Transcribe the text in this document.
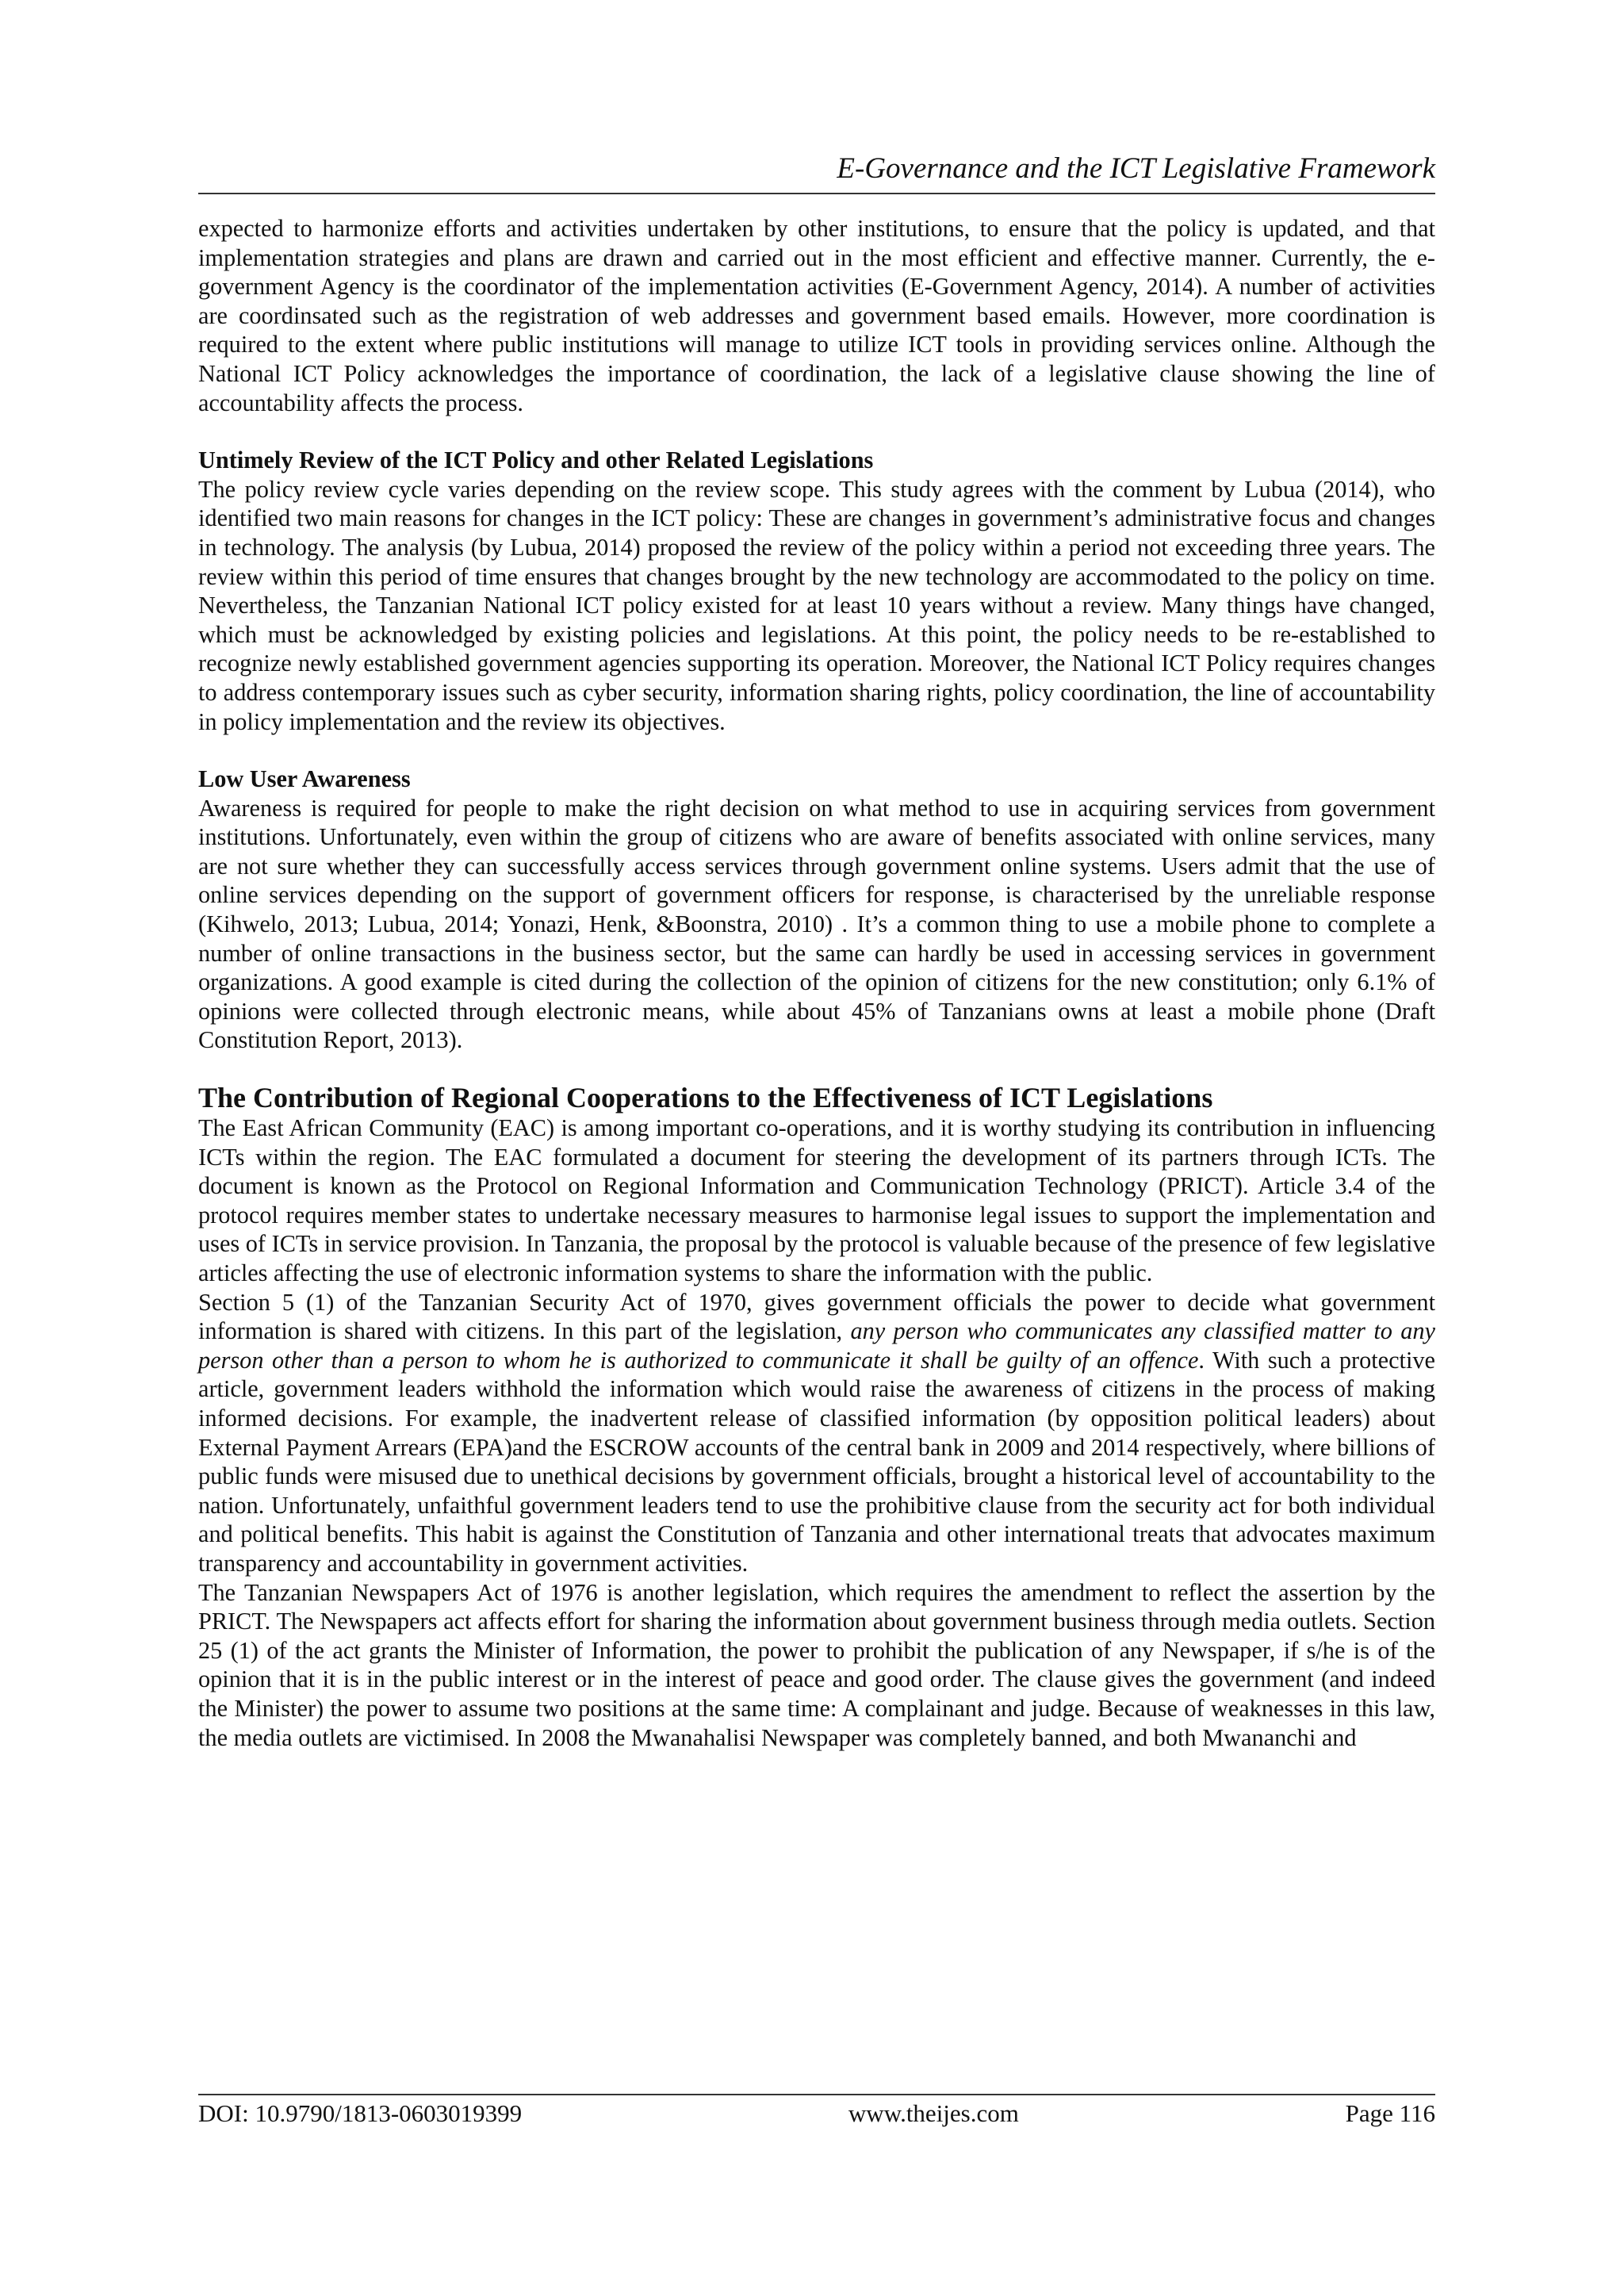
E-Governance and the ICT Legislative Framework

expected to harmonize efforts and activities undertaken by other institutions, to ensure that the policy is updated, and that implementation strategies and plans are drawn and carried out in the most efficient and effective manner. Currently, the e-government Agency is the coordinator of the implementation activities (E-Government Agency, 2014). A number of activities are coordinsated such as the registration of web addresses and government based emails. However, more coordination is required to the extent where public institutions will manage to utilize ICT tools in providing services online. Although the National ICT Policy acknowledges the importance of coordination, the lack of a legislative clause showing the line of accountability affects the process.

Untimely Review of the ICT Policy and other Related Legislations

The policy review cycle varies depending on the review scope. This study agrees with the comment by Lubua (2014), who identified two main reasons for changes in the ICT policy: These are changes in government’s administrative focus and changes in technology. The analysis (by Lubua, 2014) proposed the review of the policy within a period not exceeding three years. The review within this period of time ensures that changes brought by the new technology are accommodated to the policy on time. Nevertheless, the Tanzanian National ICT policy existed for at least 10 years without a review. Many things have changed, which must be acknowledged by existing policies and legislations. At this point, the policy needs to be re-established to recognize newly established government agencies supporting its operation. Moreover, the National ICT Policy requires changes to address contemporary issues such as cyber security, information sharing rights, policy coordination, the line of accountability in policy implementation and the review its objectives.

Low User Awareness

Awareness is required for people to make the right decision on what method to use in acquiring services from government institutions. Unfortunately, even within the group of citizens who are aware of benefits associated with online services, many are not sure whether they can successfully access services through government online systems. Users admit that the use of online services depending on the support of government officers for response, is characterised by the unreliable response (Kihwelo, 2013; Lubua, 2014; Yonazi, Henk, &Boonstra, 2010) . It’s a common thing to use a mobile phone to complete a number of online transactions in the business sector, but the same can hardly be used in accessing services in government organizations. A good example is cited during the collection of the opinion of citizens for the new constitution; only 6.1% of opinions were collected through electronic means, while about 45% of Tanzanians owns at least a mobile phone (Draft Constitution Report, 2013).

The Contribution of Regional Cooperations to the Effectiveness of ICT Legislations

The East African Community (EAC) is among important co-operations, and it is worthy studying its contribution in influencing ICTs within the region. The EAC formulated a document for steering the development of its partners through ICTs. The document is known as the Protocol on Regional Information and Communication Technology (PRICT). Article 3.4 of the protocol requires member states to undertake necessary measures to harmonise legal issues to support the implementation and uses of ICTs in service provision. In Tanzania, the proposal by the protocol is valuable because of the presence of few legislative articles affecting the use of electronic information systems to share the information with the public.

Section 5 (1) of the Tanzanian Security Act of 1970, gives government officials the power to decide what government information is shared with citizens. In this part of the legislation, any person who communicates any classified matter to any person other than a person to whom he is authorized to communicate it shall be guilty of an offence. With such a protective article, government leaders withhold the information which would raise the awareness of citizens in the process of making informed decisions. For example, the inadvertent release of classified information (by opposition political leaders) about External Payment Arrears (EPA)and the ESCROW accounts of the central bank in 2009 and 2014 respectively, where billions of public funds were misused due to unethical decisions by government officials, brought a historical level of accountability to the nation. Unfortunately, unfaithful government leaders tend to use the prohibitive clause from the security act for both individual and political benefits. This habit is against the Constitution of Tanzania and other international treats that advocates maximum transparency and accountability in government activities.

The Tanzanian Newspapers Act of 1976 is another legislation, which requires the amendment to reflect the assertion by the PRICT. The Newspapers act affects effort for sharing the information about government business through media outlets. Section 25 (1) of the act grants the Minister of Information, the power to prohibit the publication of any Newspaper, if s/he is of the opinion that it is in the public interest or in the interest of peace and good order. The clause gives the government (and indeed the Minister) the power to assume two positions at the same time: A complainant and judge. Because of weaknesses in this law, the media outlets are victimised. In 2008 the Mwanahalisi Newspaper was completely banned, and both Mwananchi and

DOI: 10.9790/1813-0603019399	www.theijes.com	Page 116
